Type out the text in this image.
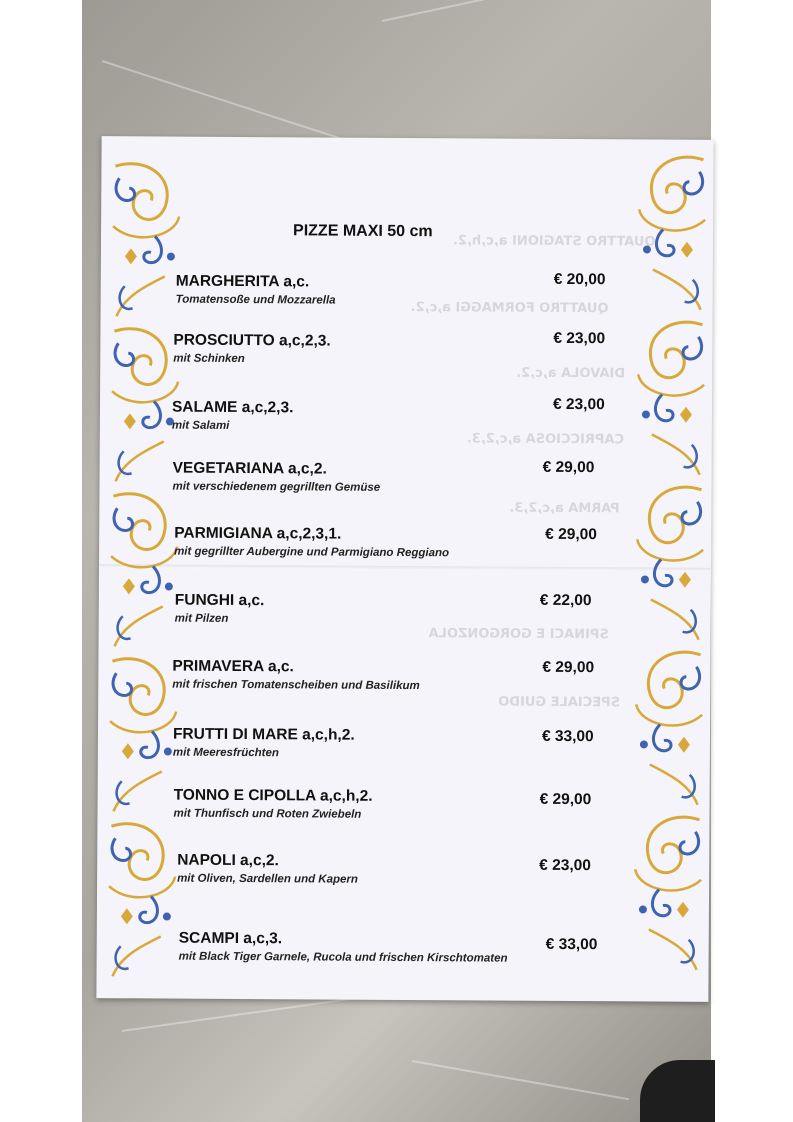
QUATTRO STAGIONI a,c,h,2.
QUATTRO FORMAGGI a,c,2.
DIAVOLA a,c,2.
CAPRICCIOSA a,c,2,3.
PARMA a,c,2,3.
SPINACI E GORGONZOLA
SPECIALE GUIDO
PIZZE MAXI 50 cm
MARGHERITA a,c.
Tomatensoße und Mozzarella
€ 20,00
PROSCIUTTO a,c,2,3.
mit Schinken
€ 23,00
SALAME a,c,2,3.
mit Salami
€ 23,00
VEGETARIANA a,c,2.
mit verschiedenem gegrillten Gemüse
€ 29,00
PARMIGIANA a,c,2,3,1.
mit gegrillter Aubergine und Parmigiano Reggiano
€ 29,00
FUNGHI a,c.
mit Pilzen
€ 22,00
PRIMAVERA a,c.
mit frischen Tomatenscheiben und Basilikum
€ 29,00
FRUTTI DI MARE a,c,h,2.
mit Meeresfrüchten
€ 33,00
TONNO E CIPOLLA a,c,h,2.
mit Thunfisch und Roten Zwiebeln
€ 29,00
NAPOLI a,c,2.
mit Oliven, Sardellen und Kapern
€ 23,00
SCAMPI a,c,3.
mit Black Tiger Garnele, Rucola und frischen Kirschtomaten
€ 33,00
